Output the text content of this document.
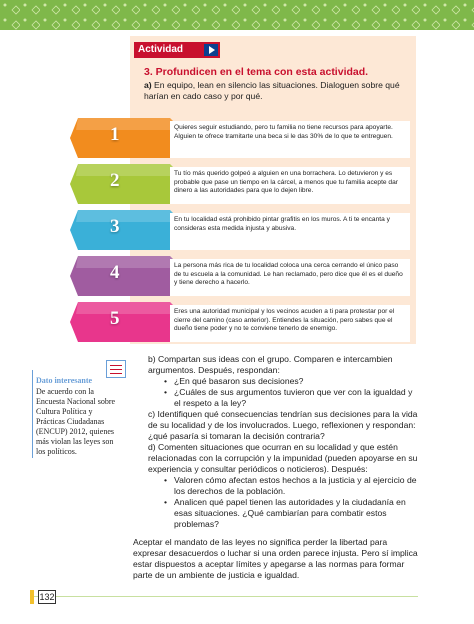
Actividad
3. Profundicen en el tema con esta actividad.
a) En equipo, lean en silencio las situaciones. Dialoguen sobre qué harían en cado caso y por qué.
1	Quieres seguir estudiando, pero tu familia no tiene recursos para apoyarte. Alguien te ofrece tramitarte una beca si le das 30% de lo que te entreguen.
2	Tu tío más querido golpeó a alguien en una borrachera. Lo detuvieron y es probable que pase un tiempo en la cárcel, a menos que tu familia acepte dar dinero a las autoridades para que lo dejen libre.
3	En tu localidad está prohibido pintar grafitis en los muros. A ti te encanta y consideras esta medida injusta y abusiva.
4	La persona más rica de tu localidad coloca una cerca cerrando el único paso de tu escuela a la comunidad. Le han reclamado, pero dice que él es el dueño y tiene derecho a hacerlo.
5	Eres una autoridad municipal y los vecinos acuden a ti para protestar por el cierre del camino (caso anterior). Entiendes la situación, pero sabes que el dueño tiene poder y no te conviene tenerlo de enemigo.
Dato interesante
De acuerdo con la Encuesta Nacional sobre Cultura Política y Prácticas Ciudadanas (ENCUP) 2012, quienes más violan las leyes son los políticos.

b) Compartan sus ideas con el grupo. Comparen e intercambien argumentos. Después, respondan:

• ¿En qué basaron sus decisiones?

• ¿Cuáles de sus argumentos tuvieron que ver con la igualdad y el respeto a la ley?

c) Identifiquen qué consecuencias tendrían sus decisiones para la vida de su localidad y de los involucrados. Luego, reflexionen y respondan: ¿qué pasaría si tomaran la decisión contraria?

d) Comenten situaciones que ocurran en su localidad y que estén relacionadas con la corrupción y la impunidad (pueden apoyarse en su experiencia y consultar periódicos o noticieros). Después:

• Valoren cómo afectan estos hechos a la justicia y al ejercicio de los derechos de la población.

• Analicen qué papel tienen las autoridades y la ciudadanía en esas situaciones. ¿Qué cambiarían para combatir estos problemas?

Aceptar el mandato de las leyes no significa perder la libertad para expresar desacuerdos o luchar si una orden parece injusta. Pero sí implica estar dispuestos a aceptar límites y apegarse a las normas para formar parte de un ambiente de justicia e igualdad.
132
